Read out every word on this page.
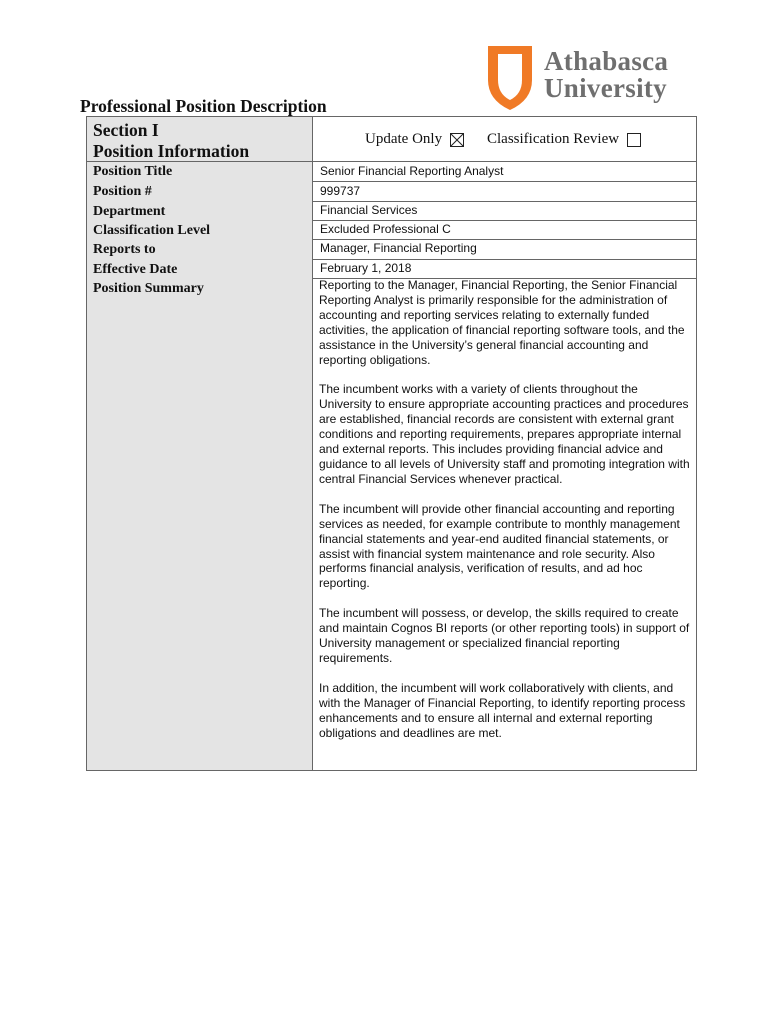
Athabasca
University
Professional Position Description
Section I
Position Information
Update Only	Classification Review
Position Title
Position #
Department
Classification Level
Reports to
Effective Date
Position Summary
Senior Financial Reporting Analyst
999737
Financial Services
Excluded Professional C
Manager, Financial Reporting
February 1, 2018

Reporting to the Manager, Financial Reporting, the Senior Financial Reporting Analyst is primarily responsible for the administration of accounting and reporting services relating to externally funded activities, the application of financial reporting software tools, and the assistance in the University’s general financial accounting and reporting obligations.

The incumbent works with a variety of clients throughout the University to ensure appropriate accounting practices and procedures are established, financial records are consistent with external grant conditions and reporting requirements, prepares appropriate internal and external reports. This includes providing financial advice and guidance to all levels of University staff and promoting integration with central Financial Services whenever practical.

The incumbent will provide other financial accounting and reporting services as needed, for example contribute to monthly management financial statements and year-end audited financial statements, or assist with financial system maintenance and role security. Also performs financial analysis, verification of results, and ad hoc reporting.

The incumbent will possess, or develop, the skills required to create and maintain Cognos BI reports (or other reporting tools) in support of University management or specialized financial reporting requirements.

In addition, the incumbent will work collaboratively with clients, and with the Manager of Financial Reporting, to identify reporting process enhancements and to ensure all internal and external reporting obligations and deadlines are met.
